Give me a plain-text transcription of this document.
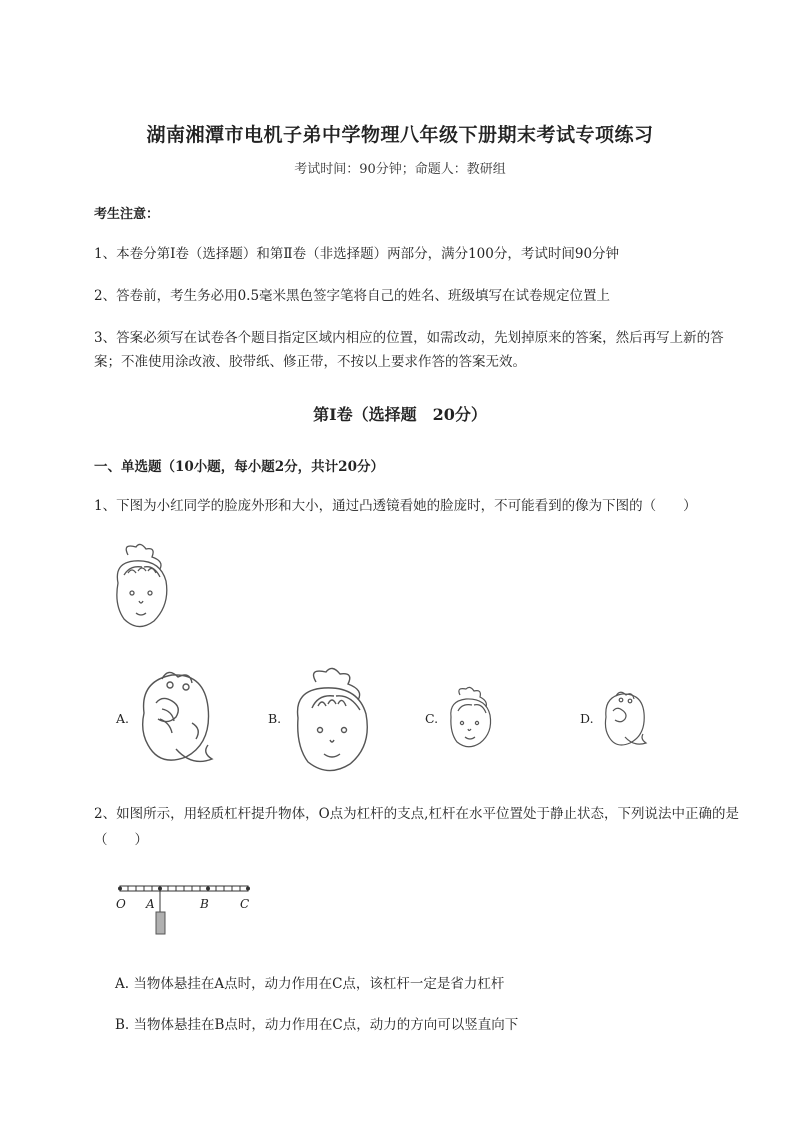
湖南湘潭市电机子弟中学物理八年级下册期末考试专项练习
考试时间：90分钟；命题人：教研组
考生注意：
1、本卷分第I卷（选择题）和第Ⅱ卷（非选择题）两部分，满分100分，考试时间90分钟
2、答卷前，考生务必用0.5毫米黑色签字笔将自己的姓名、班级填写在试卷规定位置上
3、答案必须写在试卷各个题目指定区域内相应的位置，如需改动，先划掉原来的答案，然后再写上新的答案；不准使用涂改液、胶带纸、修正带，不按以上要求作答的答案无效。
第I卷（选择题　20分）
一、单选题（10小题，每小题2分，共计20分）
1、下图为小红同学的脸庞外形和大小，通过凸透镜看她的脸庞时，不可能看到的像为下图的（　　）
A.	B.	C.	D.
2、如图所示，用轻质杠杆提升物体，O点为杠杆的支点,杠杆在水平位置处于静止状态，下列说法中正确的是（　　）
O A	B	C
A. 当物体悬挂在A点时，动力作用在C点，该杠杆一定是省力杠杆
B. 当物体悬挂在B点时，动力作用在C点，动力的方向可以竖直向下
